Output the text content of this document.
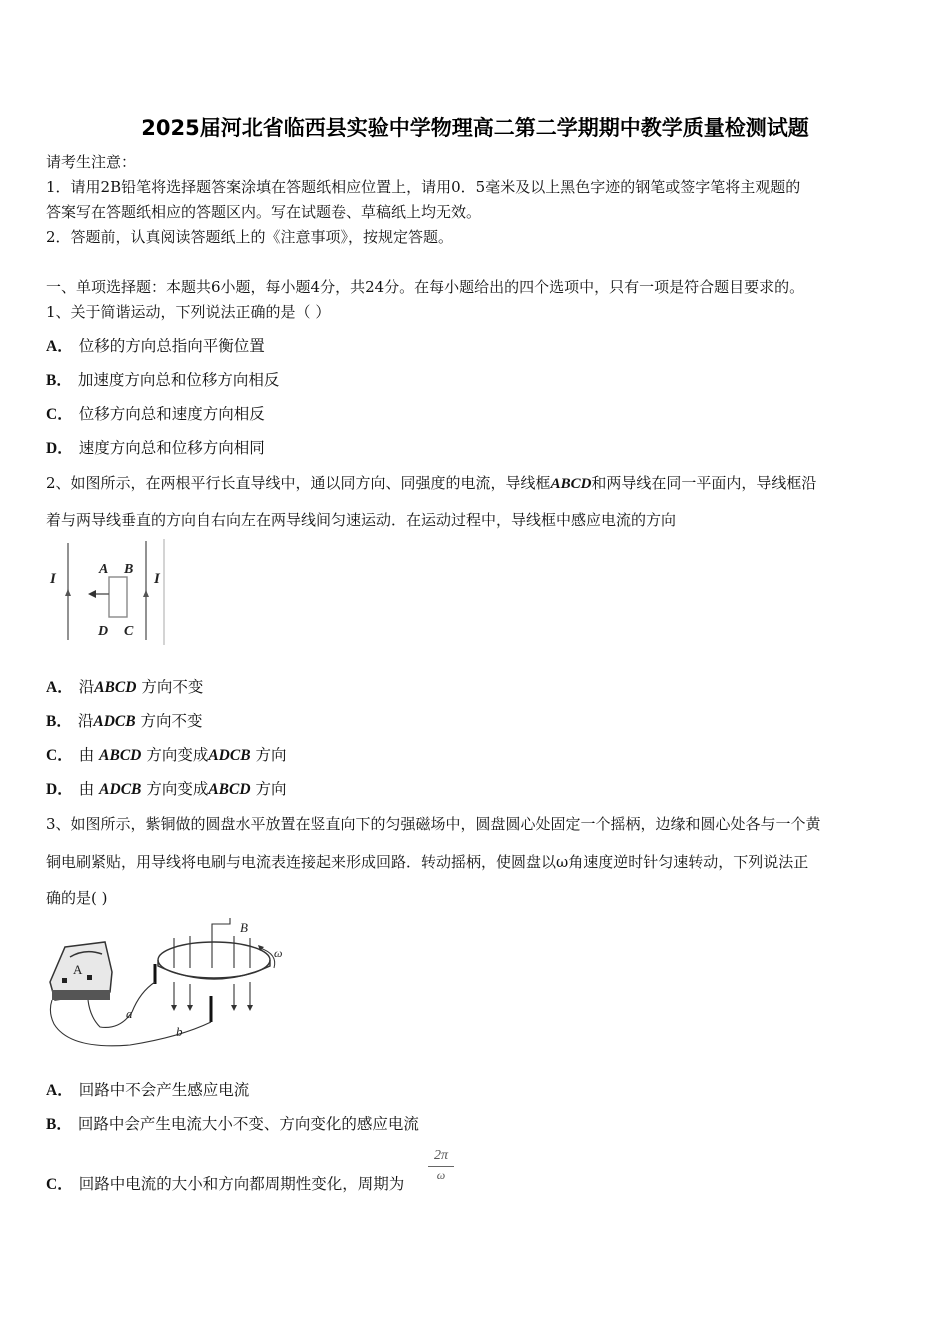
2025届河北省临西县实验中学物理高二第二学期期中教学质量检测试题
请考生注意：
1．请用2B铅笔将选择题答案涂填在答题纸相应位置上，请用0．5毫米及以上黑色字迹的钢笔或签字笔将主观题的
答案写在答题纸相应的答题区内。写在试题卷、草稿纸上均无效。
2．答题前，认真阅读答题纸上的《注意事项》，按规定答题。
一、单项选择题：本题共6小题，每小题4分，共24分。在每小题给出的四个选项中，只有一项是符合题目要求的。
1、关于简谐运动，下列说法正确的是（ ）
A． 位移的方向总指向平衡位置
B． 加速度方向总和位移方向相反
C． 位移方向总和速度方向相反
D． 速度方向总和位移方向相同
2、如图所示，在两根平行长直导线中，通以同方向、同强度的电流，导线框ABCD和两导线在同一平面内，导线框沿
着与两导线垂直的方向自右向左在两导线间匀速运动．在运动过程中，导线框中感应电流的方向
I	I
A B
D C
A． 沿ABCD 方向不变
B． 沿ADCB 方向不变
C． 由 ABCD 方向变成ADCB 方向
D． 由 ADCB 方向变成ABCD 方向
3、如图所示，紫铜做的圆盘水平放置在竖直向下的匀强磁场中，圆盘圆心处固定一个摇柄，边缘和圆心处各与一个黄
铜电刷紧贴，用导线将电刷与电流表连接起来形成回路．转动摇柄，使圆盘以ω角速度逆时针匀速转动，下列说法正
确的是( )
A
B
ω
a
b
A． 回路中不会产生感应电流
B． 回路中会产生电流大小不变、方向变化的感应电流
C． 回路中电流的大小和方向都周期性变化，周期为
$\frac{2\pi}{\omega}$
